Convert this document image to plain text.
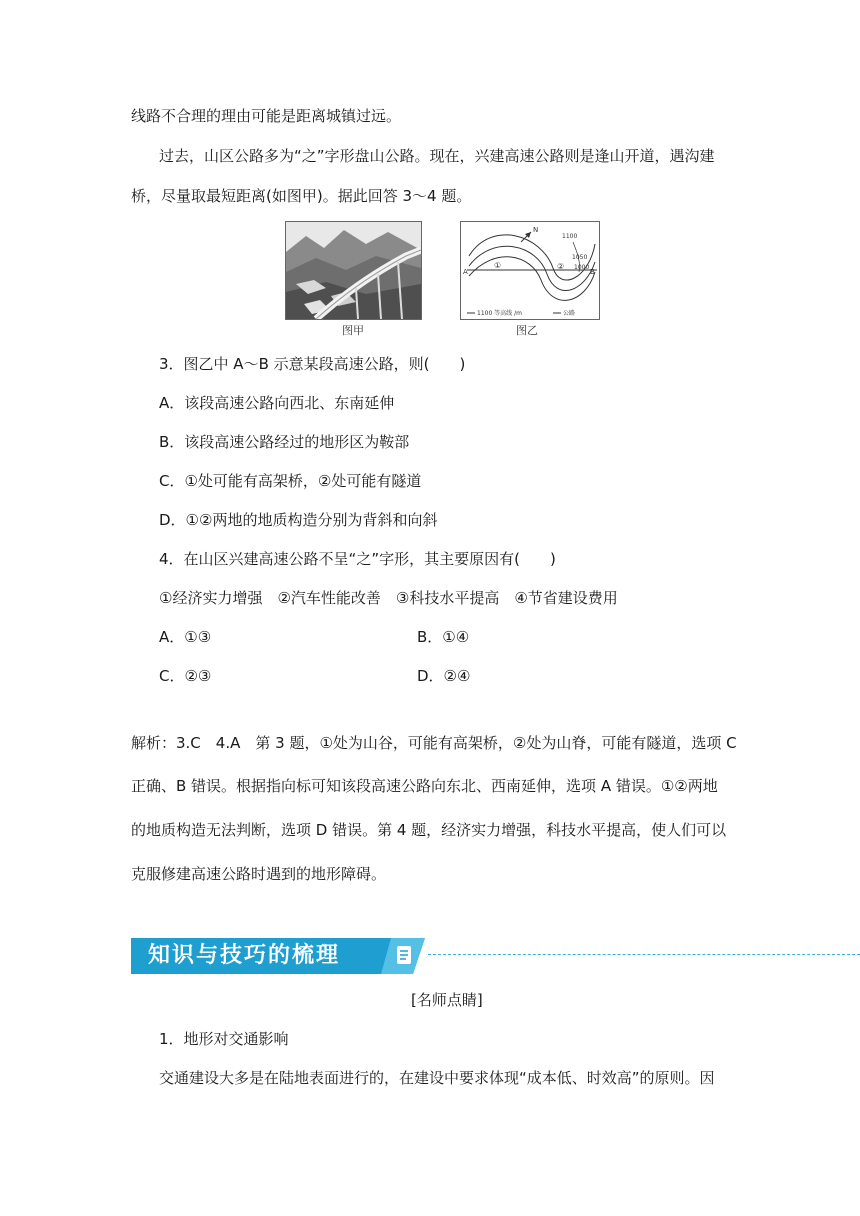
线路不合理的理由可能是距离城镇过远。
过去，山区公路多为“之”字形盘山公路。现在，兴建高速公路则是逢山开道，遇沟建
桥，尽量取最短距离(如图甲)。据此回答 3～4 题。
图甲
A	B
①	②
N
1100
1050
1000
1100 等高线 /m	公路
图乙
3．图乙中 A～B 示意某段高速公路，则(　　)
A．该段高速公路向西北、东南延伸
B．该段高速公路经过的地形区为鞍部
C．①处可能有高架桥，②处可能有隧道
D．①②两地的地质构造分别为背斜和向斜
4．在山区兴建高速公路不呈“之”字形，其主要原因有(　　)
①经济实力增强　②汽车性能改善　③科技水平提高　④节省建设费用
A．①③	B．①④
C．②③	D．②④
解析：3.C　4.A　第 3 题，①处为山谷，可能有高架桥，②处为山脊，可能有隧道，选项 C
正确、B 错误。根据指向标可知该段高速公路向东北、西南延伸，选项 A 错误。①②两地
的地质构造无法判断，选项 D 错误。第 4 题，经济实力增强，科技水平提高，使人们可以
克服修建高速公路时遇到的地形障碍。
知识与技巧的梳理
[名师点睛]
1．地形对交通影响
交通建设大多是在陆地表面进行的，在建设中要求体现“成本低、时效高”的原则。因
